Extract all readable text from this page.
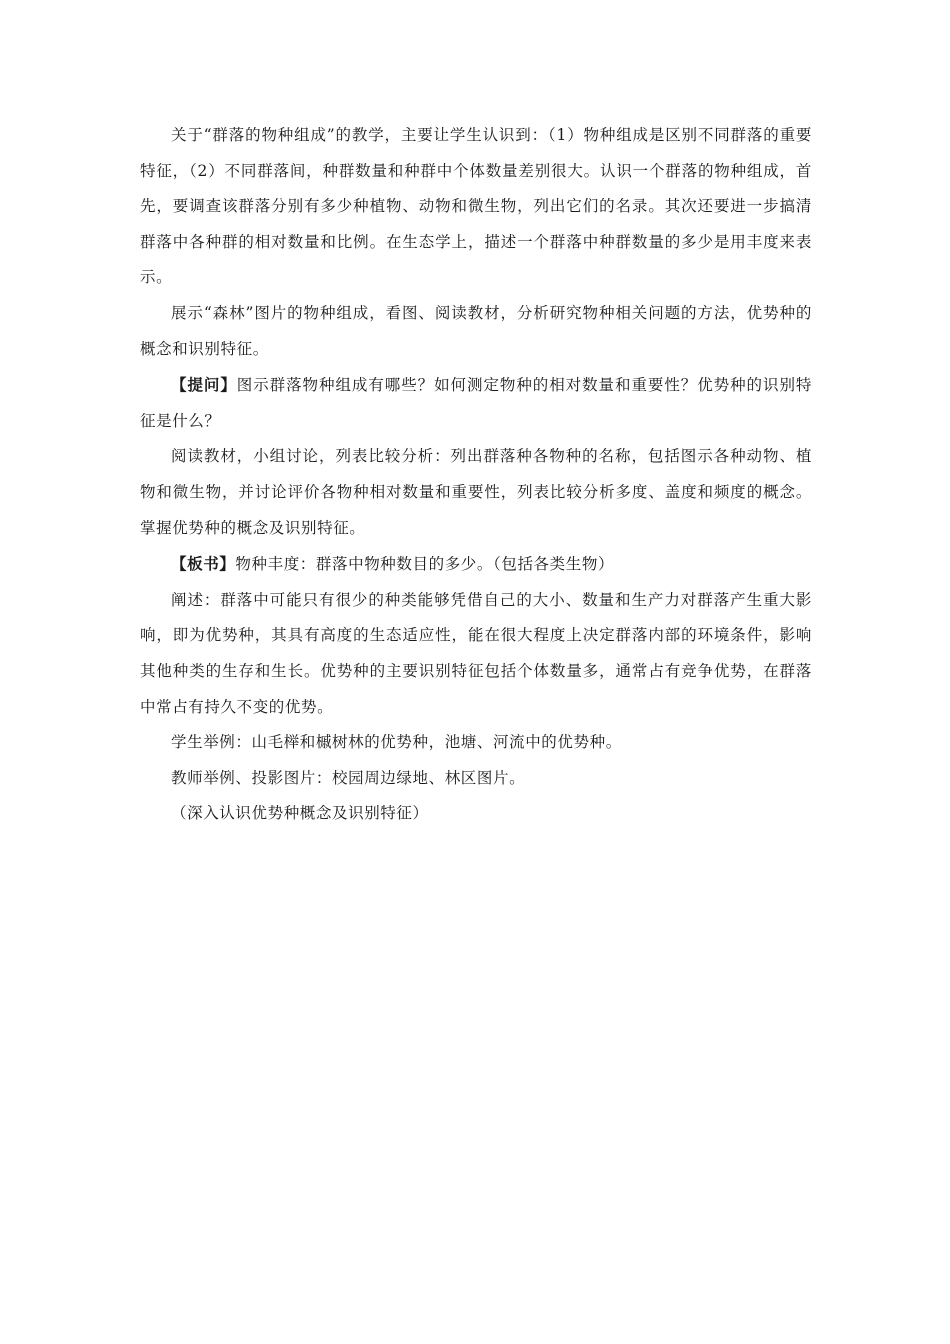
关于“群落的物种组成”的教学，主要让学生认识到：（1）物种组成是区别不同群落的重要特征，（2）不同群落间，种群数量和种群中个体数量差别很大。认识一个群落的物种组成，首先，要调查该群落分别有多少种植物、动物和微生物，列出它们的名录。其次还要进一步搞清群落中各种群的相对数量和比例。在生态学上，描述一个群落中种群数量的多少是用丰度来表示。

展示“森林”图片的物种组成，看图、阅读教材，分析研究物种相关问题的方法，优势种的概念和识别特征。

【提问】图示群落物种组成有哪些？如何测定物种的相对数量和重要性？优势种的识别特征是什么？

阅读教材，小组讨论，列表比较分析：列出群落种各物种的名称，包括图示各种动物、植物和微生物，并讨论评价各物种相对数量和重要性，列表比较分析多度、盖度和频度的概念。掌握优势种的概念及识别特征。

【板书】物种丰度：群落中物种数目的多少。（包括各类生物）

阐述：群落中可能只有很少的种类能够凭借自己的大小、数量和生产力对群落产生重大影响，即为优势种，其具有高度的生态适应性，能在很大程度上决定群落内部的环境条件，影响其他种类的生存和生长。优势种的主要识别特征包括个体数量多，通常占有竞争优势，在群落中常占有持久不变的优势。

学生举例：山毛榉和槭树林的优势种，池塘、河流中的优势种。

教师举例、投影图片：校园周边绿地、林区图片。

（深入认识优势种概念及识别特征）
